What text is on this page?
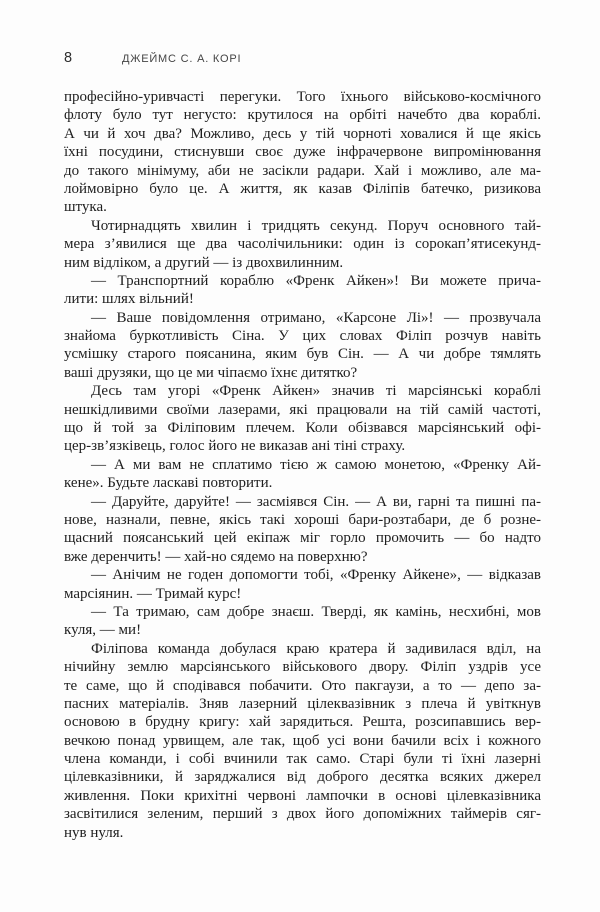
8	ДЖЕЙМС С. А. КОРІ
професійно-уривчасті перегуки. Того їхнього військово-космічного
флоту було тут негусто: крутилося на орбіті начебто два кораблі.
А чи й хоч два? Можливо, десь у тій чорноті ховалися й ще якісь
їхні посудини, стиснувши своє дуже інфрачервоне випромінювання
до такого мінімуму, аби не засікли радари. Хай і можливо, але ма-
лоймовірно було це. А життя, як казав Філіпів батечко, ризикова
штука.
Чотирнадцять хвилин і тридцять секунд. Поруч основного тай-
мера з’явилися ще два часолічильники: один із сорокап’ятисекунд-
ним відліком, а другий — із двохвилинним.
— Транспортний кораблю «Френк Айкен»! Ви можете прича-
лити: шлях вільний!
— Ваше повідомлення отримано, «Карсоне Лі»! — прозвучала
знайома буркотливість Сіна. У цих словах Філіп розчув навіть
усмішку старого поясанина, яким був Сін. — А чи добре тямлять
ваші друзяки, що це ми чіпаємо їхнє дитятко?
Десь там угорі «Френк Айкен» значив ті марсіянські кораблі
нешкідливими своїми лазерами, які працювали на тій самій частоті,
що й той за Філіповим плечем. Коли обізвався марсіянський офі-
цер-зв’язківець, голос його не виказав ані тіні страху.
— А ми вам не сплатимо тією ж самою монетою, «Френку Ай-
кене». Будьте ласкаві повторити.
— Даруйте, даруйте! — засміявся Сін. — А ви, гарні та пишні па-
нове, назнали, певне, якісь такі хороші бари-розтабари, де б розне-
щасний поясанський цей екіпаж міг горло промочить — бо надто
вже деренчить! — хай-но сядемо на поверхню?
— Анічим не годен допомогти тобі, «Френку Айкене», — відказав
марсіянин. — Тримай курс!
— Та тримаю, сам добре знаєш. Тверді, як камінь, несхибні, мов
куля, — ми!
Філіпова команда добулася краю кратера й задивилася вділ, на
нічийну землю марсіянського військового двору. Філіп уздрів усе
те саме, що й сподівався побачити. Ото пакгаузи, а то — депо за-
пасних матеріалів. Зняв лазерний цілеквазівник з плеча й увіткнув
основою в брудну кригу: хай зарядиться. Решта, розсипавшись вер-
вечкою понад урвищем, але так, щоб усі вони бачили всіх і кожного
члена команди, і собі вчинили так само. Старі були ті їхні лазерні
цілевказівники, й заряджалися від доброго десятка всяких джерел
живлення. Поки крихітні червоні лампочки в основі цілевказівника
засвітилися зеленим, перший з двох його допоміжних таймерів сяг-
нув нуля.
